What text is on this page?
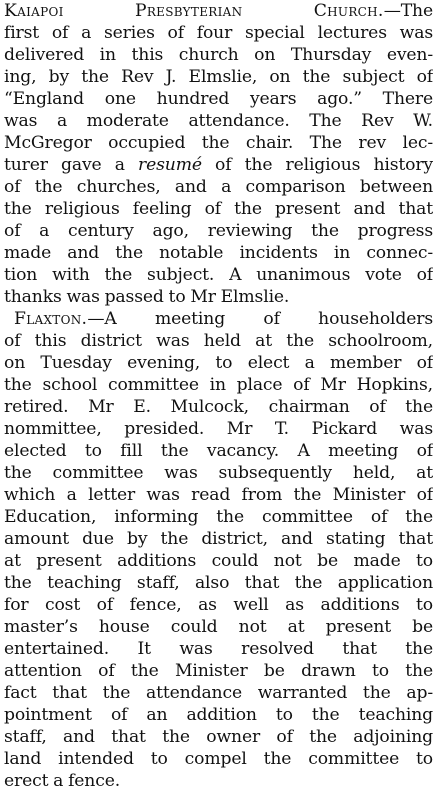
Kaiapoi Presbyterian Church.—The
first of a series of four special lectures was
delivered in this church on Thursday even-
ing, by the Rev J. Elmslie, on the subject of
“England one hundred years ago.” There
was a moderate attendance. The Rev W.
McGregor occupied the chair. The rev lec-
turer gave a resumé of the religious history
of the churches, and a comparison between
the religious feeling of the present and that
of a century ago, reviewing the progress
made and the notable incidents in connec-
tion with the subject. A unanimous vote of
thanks was passed to Mr Elmslie.
Flaxton.—A meeting of householders
of this district was held at the schoolroom,
on Tuesday evening, to elect a member of
the school committee in place of Mr Hopkins,
retired. Mr E. Mulcock, chairman of the
nommittee, presided. Mr T. Pickard was
elected to fill the vacancy. A meeting of
the committee was subsequently held, at
which a letter was read from the Minister of
Education, informing the committee of the
amount due by the district, and stating that
at present additions could not be made to
the teaching staff, also that the application
for cost of fence, as well as additions to
master’s house could not at present be
entertained. It was resolved that the
attention of the Minister be drawn to the
fact that the attendance warranted the ap-
pointment of an addition to the teaching
staff, and that the owner of the adjoining
land intended to compel the committee to
erect a fence.
